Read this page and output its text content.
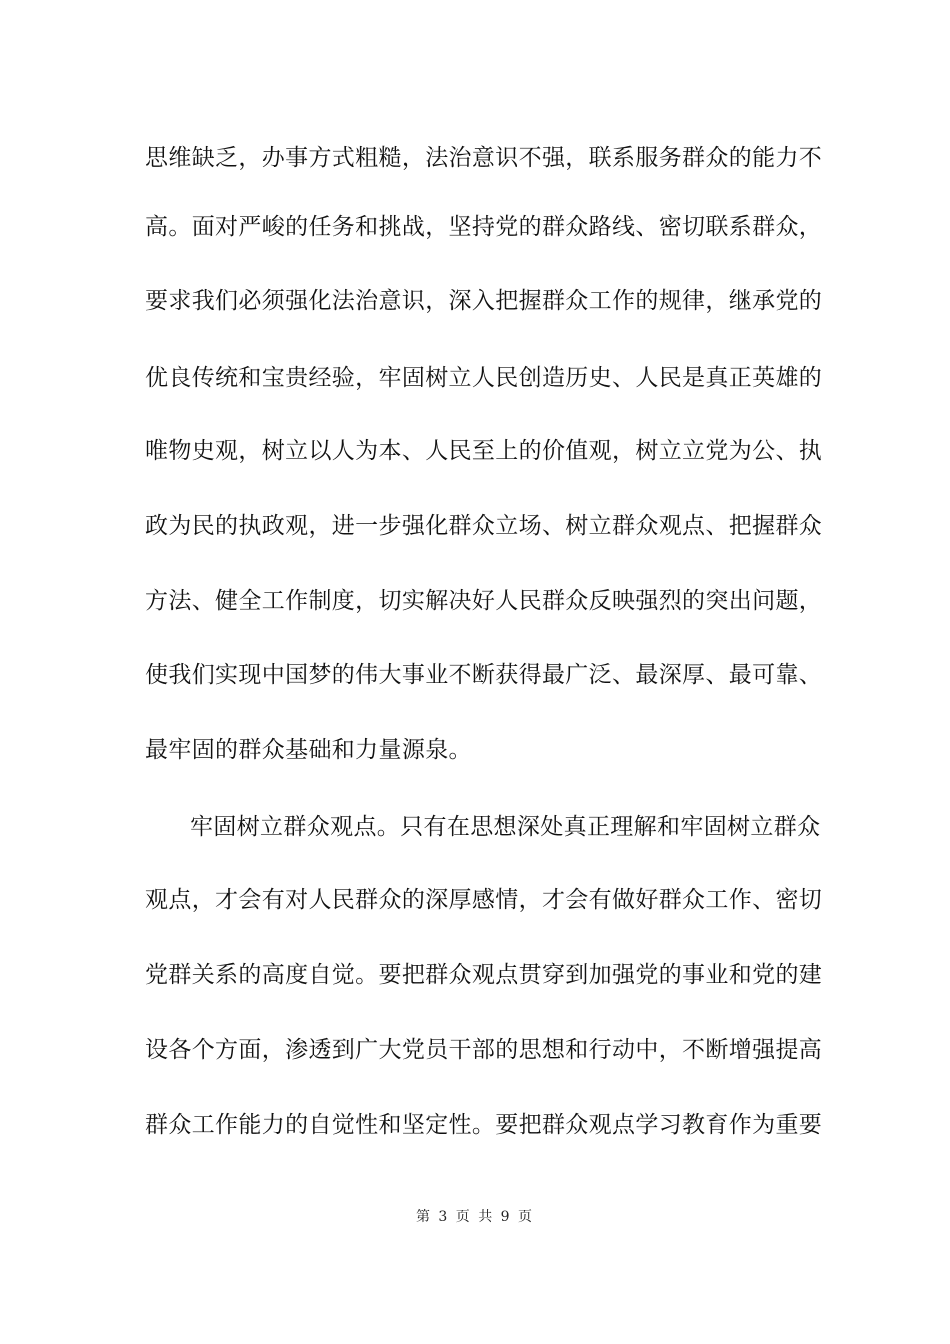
思维缺乏，办事方式粗糙，法治意识不强，联系服务群众的能力不
高。面对严峻的任务和挑战，坚持党的群众路线、密切联系群众，
要求我们必须强化法治意识，深入把握群众工作的规律，继承党的
优良传统和宝贵经验，牢固树立人民创造历史、人民是真正英雄的
唯物史观，树立以人为本、人民至上的价值观，树立立党为公、执
政为民的执政观，进一步强化群众立场、树立群众观点、把握群众
方法、健全工作制度，切实解决好人民群众反映强烈的突出问题，
使我们实现中国梦的伟大事业不断获得最广泛、最深厚、最可靠、
最牢固的群众基础和力量源泉。
牢固树立群众观点。只有在思想深处真正理解和牢固树立群众
观点，才会有对人民群众的深厚感情，才会有做好群众工作、密切
党群关系的高度自觉。要把群众观点贯穿到加强党的事业和党的建
设各个方面，渗透到广大党员干部的思想和行动中，不断增强提高
群众工作能力的自觉性和坚定性。要把群众观点学习教育作为重要
第 3 页 共 9 页
